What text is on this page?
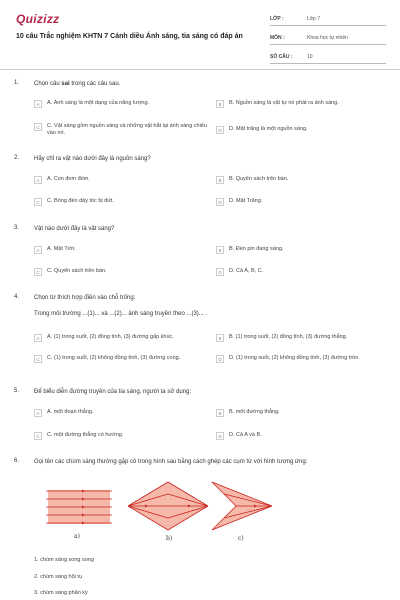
Quizizz
10 câu Trắc nghiệm KHTN 7 Cánh diều Ánh sáng, tia sáng có đáp án
LỚP :	Lớp 7
MÔN :	Khoa học tự nhiên
SỐ CÂU :	10
1. Chọn câu sai trong các câu sau.
A	A. Ánh sáng là một dạng của năng lượng.	B	B. Nguồn sáng là vật tự nó phát ra ánh sáng.
C	C. Vật sáng gồm nguồn sáng và những vật hắt lại ánh sáng chiếu vào nó.	D	D. Mặt trăng là một nguồn sáng.
2. Hãy chỉ ra vật nào dưới đây là nguồn sáng?
A	A. Con đom đóm.	B	B. Quyển sách trên bàn.
C	C. Bóng đèn dây tóc bị đứt.	D	D. Mặt Trăng.
3. Vật nào dưới đây là vật sáng?
A	A. Mặt Trời.	B	B. Đèn pin đang sáng.
C	C. Quyển sách trên bàn.	D	D. Cả A, B, C.
4. Chọn từ thích hợp điền vào chỗ trống:
Trong môi trường ...(1)... và ...(2)... ánh sáng truyền theo ...(3)... .
A	A. (1) trong suốt, (2) đồng tính, (3) đường gấp khúc.	B	B. (1) trong suốt, (2) đồng tính, (3) đường thẳng.
C	C. (1) trong suốt, (2) không đồng tính, (3) đường cong.	D	D. (1) trong suốt, (2) không đồng tính, (3) đường tròn.
5. Để biểu diễn đường truyền của tia sáng, người ta sử dụng:
A	A. một đoạn thẳng.	B	B. một đường thẳng.
C	C. một đường thẳng có hướng.	D	D. Cả A và B.
6. Gọi tên các chùm sáng thường gặp có trong hình sau bằng cách ghép các cụm từ với hình tương ứng:
a)	b)	c)
1. chùm sáng song song
2. chùm sáng hội tụ
3. chùm sáng phân kỳ
